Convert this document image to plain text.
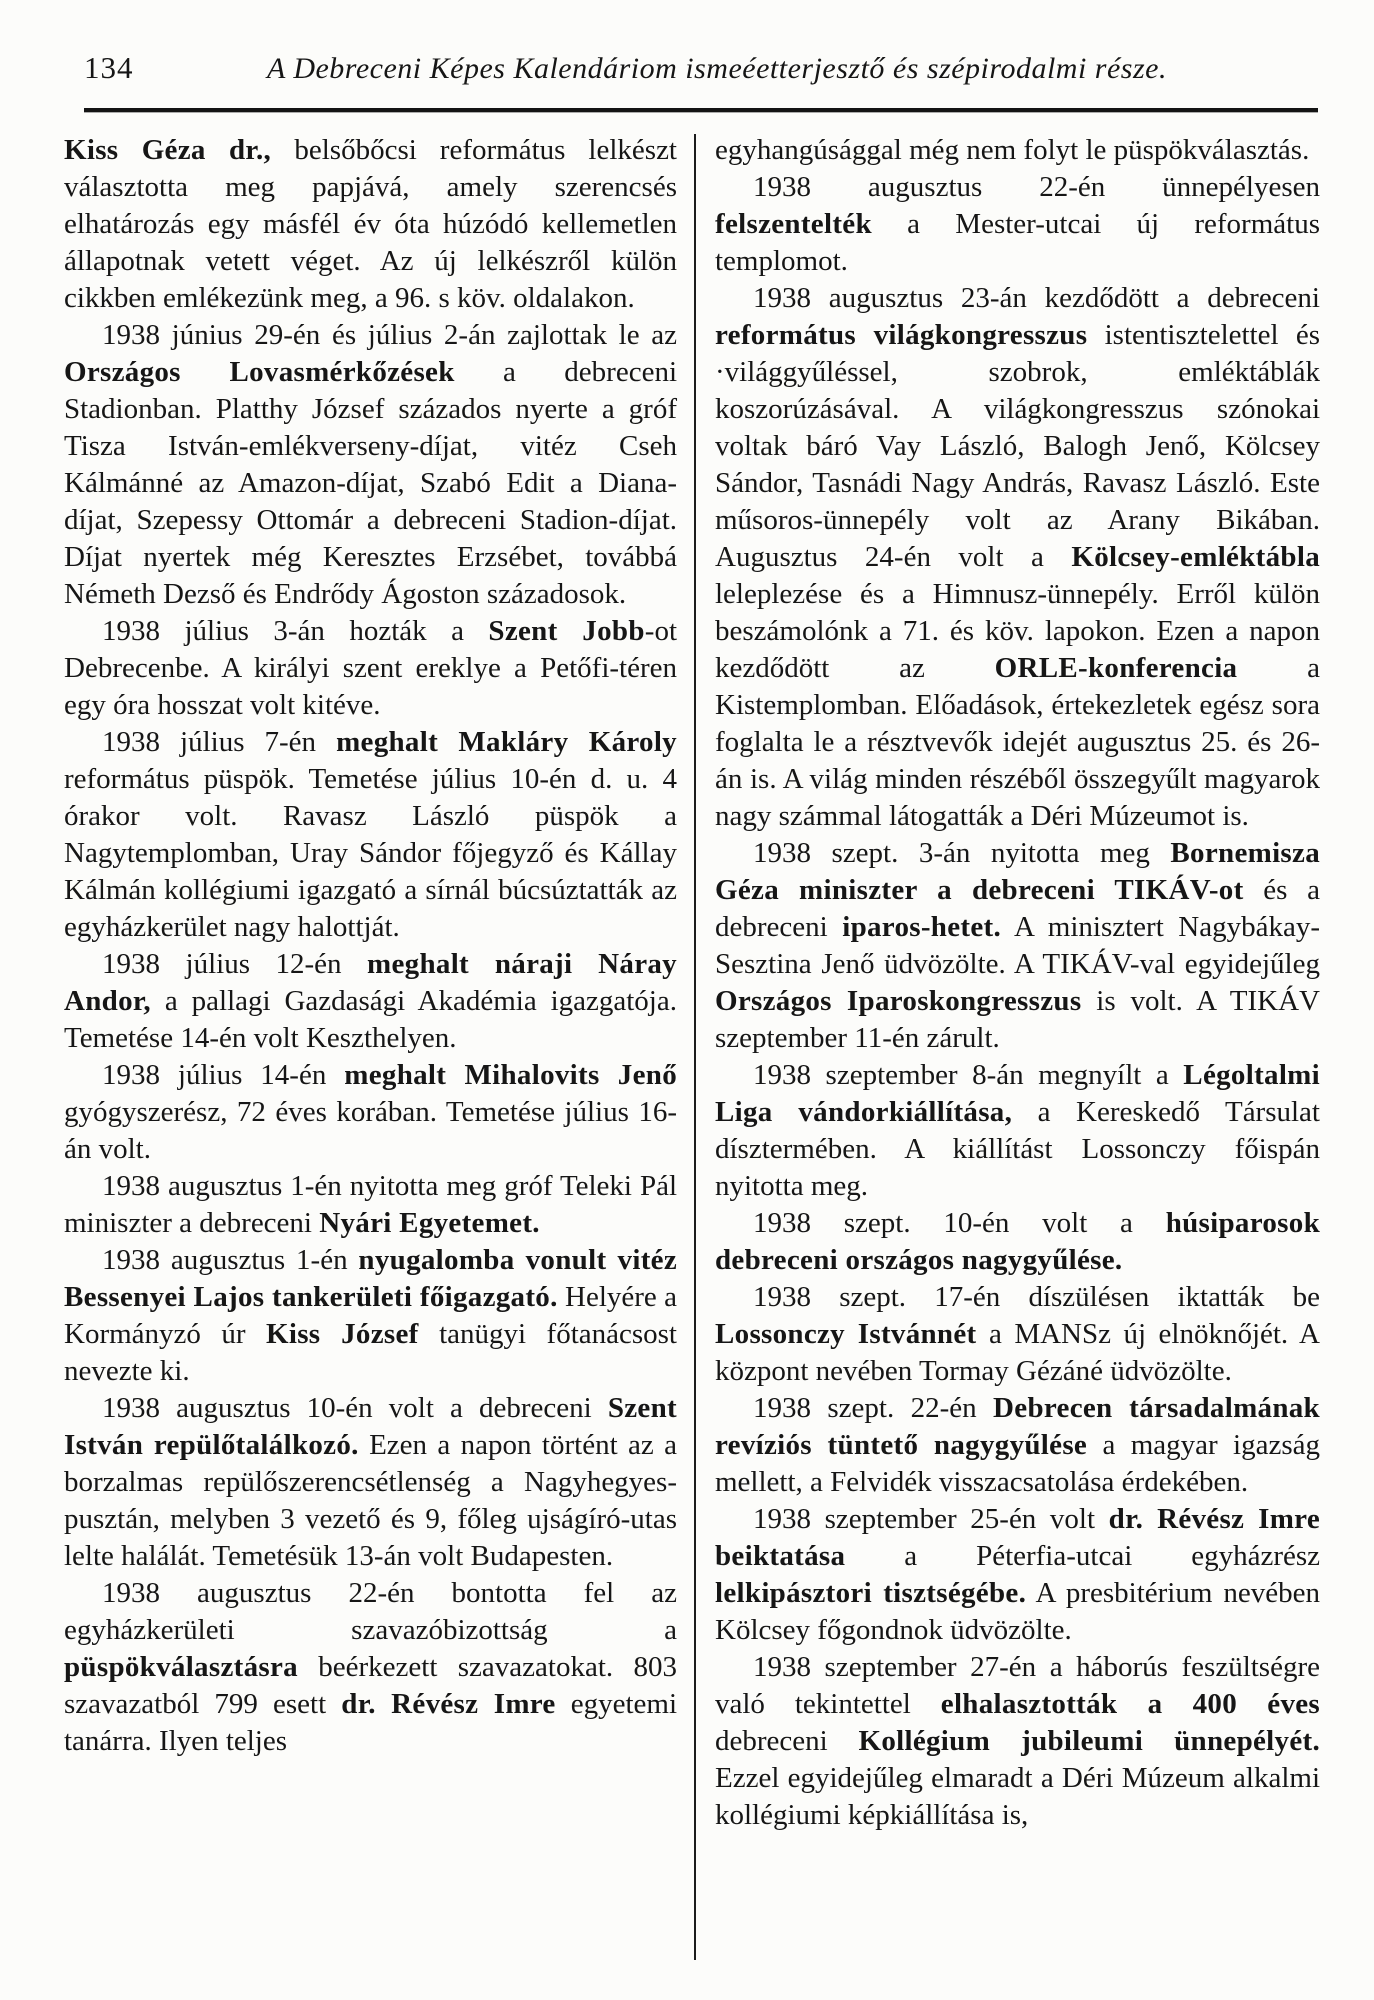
134	A Debreceni Képes Kalendáriom ismeéetterjesztő és szépirodalmi része.

Kiss Géza dr., belsőbőcsi református lelkészt választotta meg papjává, amely szerencsés elhatározás egy másfél év óta húzódó kellemetlen állapotnak vetett véget. Az új lelkészről külön cikkben emlékezünk meg, a 96. s köv. oldalakon.

1938 június 29-én és július 2-án zajlottak le az Országos Lovasmérkőzések a debreceni Stadionban. Platthy József százados nyerte a gróf Tisza István-emlékverseny-díjat, vitéz Cseh Kálmánné az Amazon-díjat, Szabó Edit a Diana-díjat, Szepessy Ottomár a debreceni Stadion-díjat. Díjat nyertek még Keresztes Erzsébet, továbbá Németh Dezső és Endrődy Ágoston századosok.

1938 július 3-án hozták a Szent Jobb-ot Debrecenbe. A királyi szent ereklye a Petőfi-téren egy óra hosszat volt kitéve.

1938 július 7-én meghalt Makláry Károly református püspök. Temetése július 10-én d. u. 4 órakor volt. Ravasz László püspök a Nagytemplomban, Uray Sándor főjegyző és Kállay Kálmán kollégiumi igazgató a sírnál búcsúztatták az egyházkerület nagy halottját.

1938 július 12-én meghalt náraji Náray Andor, a pallagi Gazdasági Akadémia igazgatója. Temetése 14-én volt Keszthelyen.

1938 július 14-én meghalt Mihalovits Jenő gyógyszerész, 72 éves korában. Temetése július 16-án volt.

1938 augusztus 1-én nyitotta meg gróf Teleki Pál miniszter a debreceni Nyári Egyetemet.

1938 augusztus 1-én nyugalomba vonult vitéz Bessenyei Lajos tankerületi főigazgató. Helyére a Kormányzó úr Kiss József tanügyi főtanácsost nevezte ki.

1938 augusztus 10-én volt a debreceni Szent István repülőtalálkozó. Ezen a napon történt az a borzalmas repülőszerencsétlenség a Nagyhegyes-pusztán, melyben 3 vezető és 9, főleg ujságíró-utas lelte halálát. Temetésük 13-án volt Budapesten.

1938 augusztus 22-én bontotta fel az egyházkerületi szavazóbizottság a püspökválasztásra beérkezett szavazatokat. 803 szavazatból 799 esett dr. Révész Imre egyetemi tanárra. Ilyen teljes

egyhangúsággal még nem folyt le püspökválasztás.

1938 augusztus 22-én ünnepélyesen felszentelték a Mester-utcai új református templomot.

1938 augusztus 23-án kezdődött a debreceni református világkongresszus istentisztelettel és ·világgyűléssel, szobrok, emléktáblák koszorúzásával. A világkongresszus szónokai voltak báró Vay László, Balogh Jenő, Kölcsey Sándor, Tasnádi Nagy András, Ravasz László. Este műsoros-ünnepély volt az Arany Bikában. Augusztus 24-én volt a Kölcsey-emléktábla leleplezése és a Himnusz-ünnepély. Erről külön beszámolónk a 71. és köv. lapokon. Ezen a napon kezdődött az ORLE-konferencia a Kistemplomban. Előadások, értekezletek egész sora foglalta le a résztvevők idejét augusztus 25. és 26-án is. A világ minden részéből összegyűlt magyarok nagy számmal látogatták a Déri Múzeumot is.

1938 szept. 3-án nyitotta meg Bornemisza Géza miniszter a debreceni TIKÁV-ot és a debreceni iparos-hetet. A minisztert Nagybákay-Sesztina Jenő üdvözölte. A TIKÁV-val egyidejűleg Országos Iparoskongresszus is volt. A TIKÁV szeptember 11-én zárult.

1938 szeptember 8-án megnyílt a Légoltalmi Liga vándorkiállítása, a Kereskedő Társulat dísztermében. A kiállítást Lossonczy főispán nyitotta meg.

1938 szept. 10-én volt a húsiparosok debreceni országos nagygyűlése.

1938 szept. 17-én díszülésen iktatták be Lossonczy Istvánnét a MANSz új elnöknőjét. A központ nevében Tormay Gézáné üdvözölte.

1938 szept. 22-én Debrecen társadalmának revíziós tüntető nagygyűlése a magyar igazság mellett, a Felvidék visszacsatolása érdekében.

1938 szeptember 25-én volt dr. Révész Imre beiktatása a Péterfia-utcai egyházrész lelkipásztori tisztségébe. A presbitérium nevében Kölcsey főgondnok üdvözölte.

1938 szeptember 27-én a háborús feszültségre való tekintettel elhalasztották a 400 éves debreceni Kollégium jubileumi ünnepélyét. Ezzel egyidejűleg elmaradt a Déri Múzeum alkalmi kollégiumi képkiállítása is,
